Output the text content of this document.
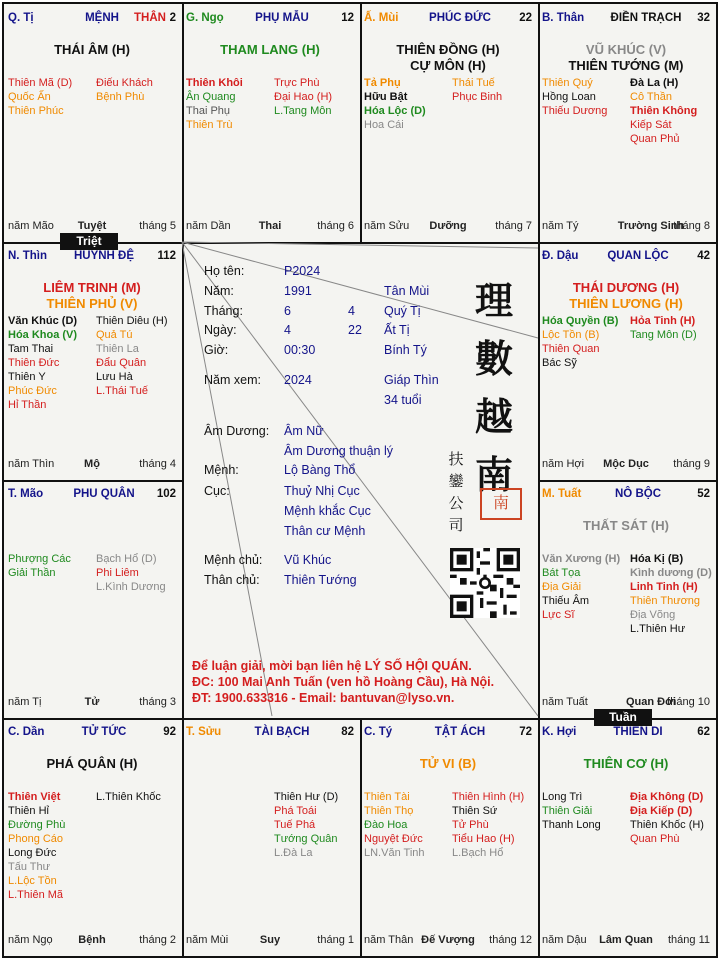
Q. Tị	MỆNH	THÂN 2
THÁI ÂM (H)
Thiên Mã (D)
Quốc Ấn
Thiên Phúc
Điếu Khách
Bệnh Phù
năm Mão	Tuyệt	tháng 5
G. Ngọ	PHỤ MẪU	12
THAM LANG (H)
Thiên Khôi
Ân Quang
Thai Phụ
Thiên Trù
Trực Phù
Đại Hao (H)
L.Tang Môn
năm Dần	Thai	tháng 6
Ấ. Mùi	PHÚC ĐỨC	22
THIÊN ĐỒNG (H)
CỰ MÔN (H)
Tả Phụ
Hữu Bật
Hóa Lộc (D)
Hoa Cái
Thái Tuế
Phục Binh
năm Sửu	Dưỡng	tháng 7
B. Thân	ĐIỀN TRẠCH	32
VŨ KHÚC (V)
THIÊN TƯỚNG (M)
Thiên Quý
Hồng Loan
Thiếu Dương
Đà La (H)
Cô Thần
Thiên Không
Kiếp Sát
Quan Phủ
năm Tý	Trường Sinh
tháng 8
N. Thìn	HUYNH ĐỆ	112
LIÊM TRINH (M)
THIÊN PHỦ (V)
Văn Khúc (D)
Hóa Khoa (V)
Tam Thai
Thiên Đức
Thiên Y
Phúc Đức
Hỉ Thần
Thiên Diêu (H)
Quả Tú
Thiên La
Đẩu Quân
Lưu Hà
L.Thái Tuế
năm Thìn	Mộ	tháng 4
Đ. Dậu	QUAN LỘC	42
THÁI DƯƠNG (H)
THIÊN LƯƠNG (H)
Hóa Quyền (B)
Lộc Tồn (B)
Thiên Quan
Bác Sỹ
Hỏa Tinh (H)
Tang Môn (D)
năm Hợi	Mộc Dục	tháng 9
T. Mão	PHU QUÂN	102
Phượng Các
Giải Thần
Bạch Hổ (D)
Phi Liêm
L.Kình Dương
năm Tị	Tử	tháng 3
M. Tuất	NÔ BỘC	52
THẤT SÁT (H)
Văn Xương (H)
Bát Tọa
Địa Giải
Thiếu Âm
Lực Sĩ
Hóa Kị (B)
Kình dương (D)
Linh Tinh (H)
Thiên Thương
Địa Võng
L.Thiên Hư
năm Tuất	Quan Đới
tháng 10
C. Dần	TỬ TỨC	92
PHÁ QUÂN (H)
Thiên Việt
Thiên Hỉ
Đường Phù
Phong Cáo
Long Đức
Tấu Thư
L.Lộc Tồn
L.Thiên Mã
L.Thiên Khốc
năm Ngọ	Bệnh	tháng 2
T. Sửu	TÀI BẠCH	82
Thiên Hư (D)
Phá Toái
Tuế Phá
Tướng Quân
L.Đà La
năm Mùi	Suy	tháng 1
C. Tý	TẬT ÁCH	72
TỬ VI (B)
Thiên Tài
Thiên Thọ
Đào Hoa
Nguyệt Đức
LN.Văn Tinh
Thiên Hình (H)
Thiên Sứ
Tử Phù
Tiểu Hao (H)
L.Bạch Hổ
năm Thân Đế Vượng	tháng 12
K. Hợi	THIÊN DI	62
THIÊN CƠ (H)
Long Trì
Thiên Giải
Thanh Long
Địa Không (D)
Địa Kiếp (D)
Thiên Khốc (H)
Quan Phù
năm Dậu	Lâm Quan	tháng 11
Triệt
Tuần
Họ tên:	P2024
Năm:	1991	Tân Mùi
Tháng:	6	4 Quý Tị
Ngày:	4	22 Ất Tị
Giờ:	00:30	Bính Tý
Năm xem: 2024	Giáp Thìn
34 tuổi
Âm Dương: Âm Nữ
Âm Dương thuận lý
Mệnh:	Lộ Bàng Thổ
Cục:	Thuỷ Nhị Cục
Mệnh khắc Cục
Thân cư Mệnh
Mệnh chủ: Vũ Khúc
Thân chủ: Thiên Tướng
理
數
越
南
扶
鑾
公
司
南
Để luận giải, mời bạn liên hệ LÝ SỐ HỘI QUÁN.
ĐC: 100 Mai Anh Tuấn (ven hồ Hoàng Cầu), Hà Nội.
ĐT: 1900.633316 - Email: bantuvan@lyso.vn.
